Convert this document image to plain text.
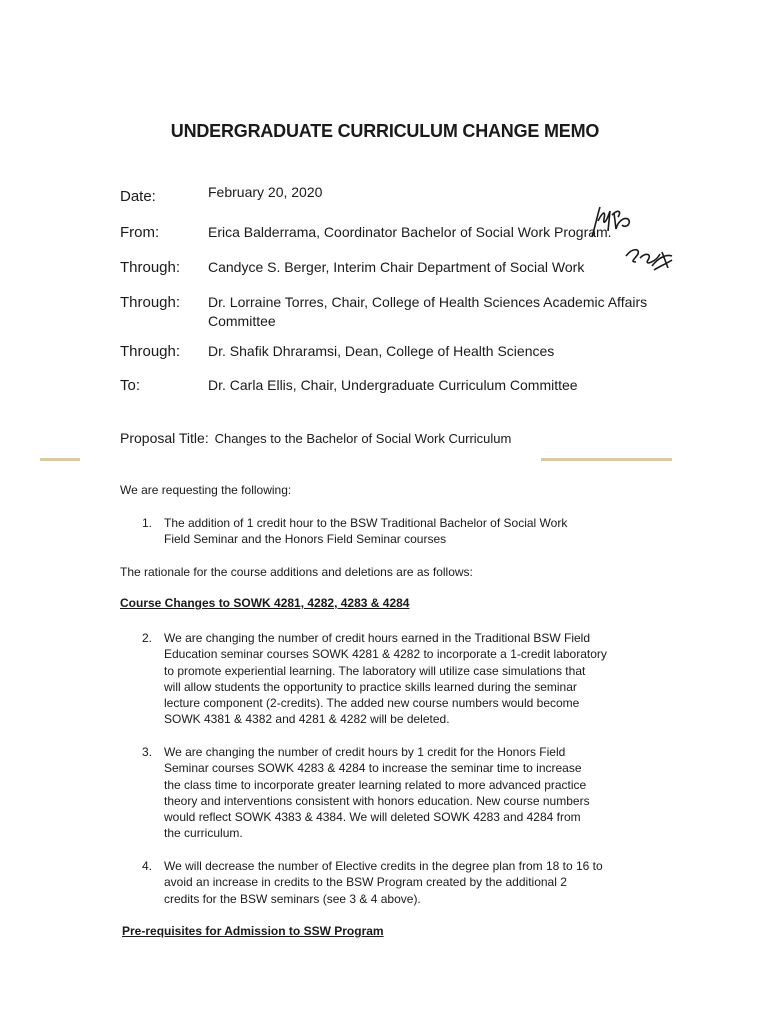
UNDERGRADUATE CURRICULUM CHANGE MEMO
Date:	February 20, 2020
From:	Erica Balderrama, Coordinator Bachelor of Social Work Program.
Through: Candyce S. Berger, Interim Chair Department of Social Work
Through: Dr. Lorraine Torres, Chair, College of Health Sciences Academic Affairs
Committee
Through: Dr. Shafik Dhraramsi, Dean, College of Health Sciences
To:	Dr. Carla Ellis, Chair, Undergraduate Curriculum Committee
Proposal Title: Changes to the Bachelor of Social Work Curriculum
We are requesting the following:
1. The addition of 1 credit hour to the BSW Traditional Bachelor of Social Work
Field Seminar and the Honors Field Seminar courses
The rationale for the course additions and deletions are as follows:
Course Changes to SOWK 4281, 4282, 4283 & 4284
2. We are changing the number of credit hours earned in the Traditional BSW Field
Education seminar courses SOWK 4281 & 4282 to incorporate a 1-credit laboratory
to promote experiential learning. The laboratory will utilize case simulations that
will allow students the opportunity to practice skills learned during the seminar
lecture component (2-credits). The added new course numbers would become
SOWK 4381 & 4382 and 4281 & 4282 will be deleted.
3. We are changing the number of credit hours by 1 credit for the Honors Field
Seminar courses SOWK 4283 & 4284 to increase the seminar time to increase
the class time to incorporate greater learning related to more advanced practice
theory and interventions consistent with honors education. New course numbers
would reflect SOWK 4383 & 4384. We will deleted SOWK 4283 and 4284 from
the curriculum.
4. We will decrease the number of Elective credits in the degree plan from 18 to 16 to
avoid an increase in credits to the BSW Program created by the additional 2
credits for the BSW seminars (see 3 & 4 above).
Pre-requisites for Admission to SSW Program
